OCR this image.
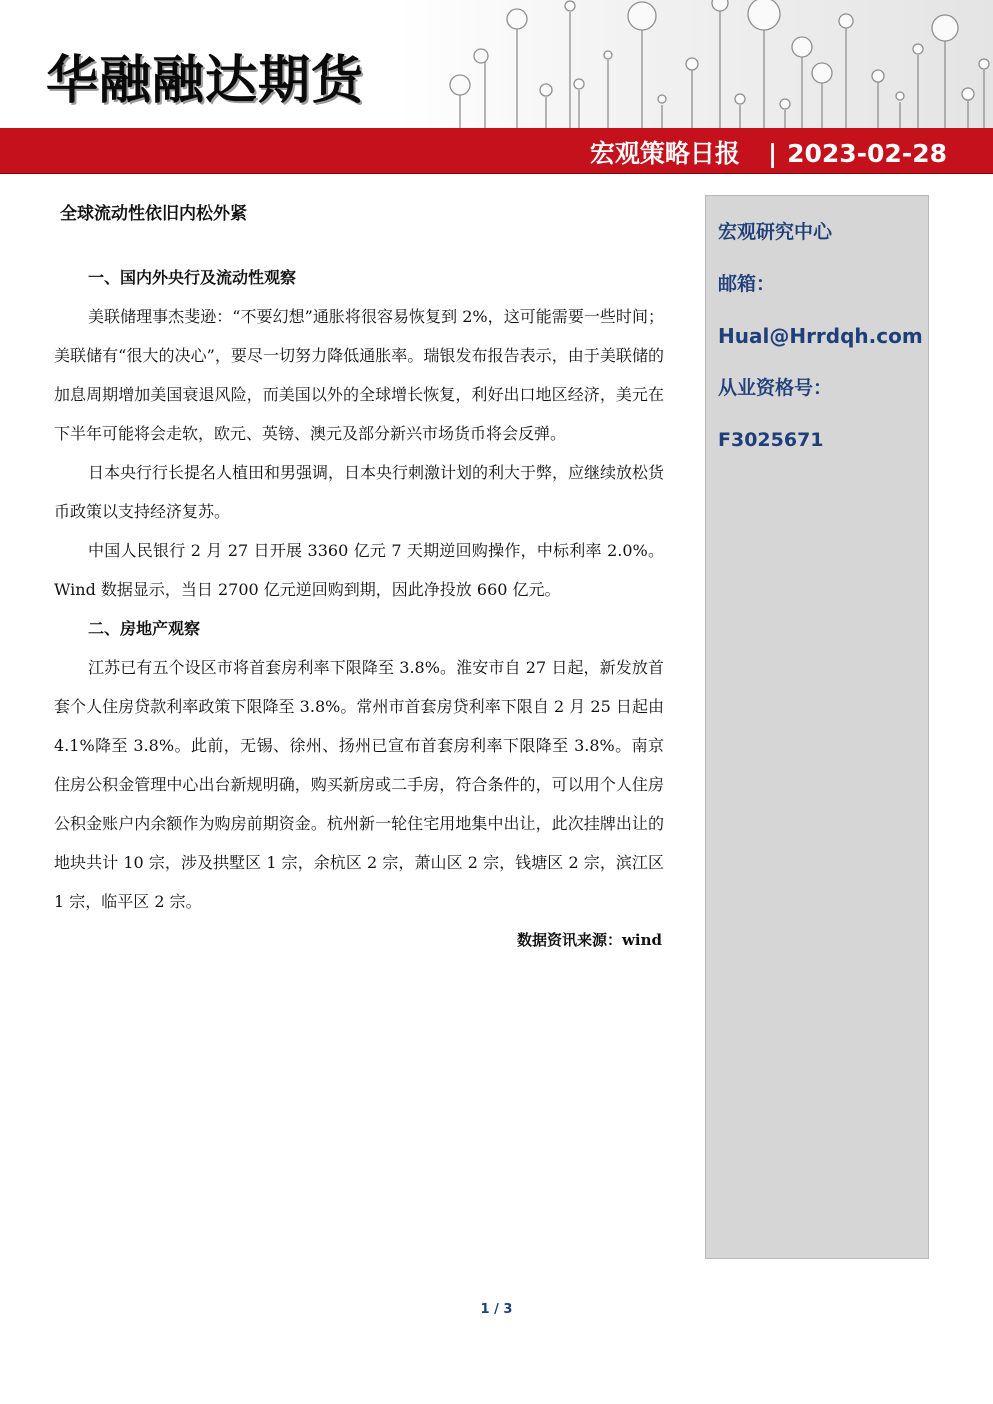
华融融达期货
宏观策略日报 | 2023-02-28
全球流动性依旧内松外紧
一、国内外央行及流动性观察

美联储理事杰斐逊：“不要幻想”通胀将很容易恢复到 2%，这可能需要一些时间；美联储有“很大的决心”，要尽一切努力降低通胀率。瑞银发布报告表示，由于美联储的加息周期增加美国衰退风险，而美国以外的全球增长恢复，利好出口地区经济，美元在下半年可能将会走软，欧元、英镑、澳元及部分新兴市场货币将会反弹。

日本央行行长提名人植田和男强调，日本央行刺激计划的利大于弊，应继续放松货币政策以支持经济复苏。

中国人民银行 2 月 27 日开展 3360 亿元 7 天期逆回购操作，中标利率 2.0%。Wind 数据显示，当日 2700 亿元逆回购到期，因此净投放 660 亿元。

二、房地产观察

江苏已有五个设区市将首套房利率下限降至 3.8%。淮安市自 27 日起，新发放首套个人住房贷款利率政策下限降至 3.8%。常州市首套房贷利率下限自 2 月 25 日起由 4.1%降至 3.8%。此前，无锡、徐州、扬州已宣布首套房利率下限降至 3.8%。南京住房公积金管理中心出台新规明确，购买新房或二手房，符合条件的，可以用个人住房公积金账户内余额作为购房前期资金。杭州新一轮住宅用地集中出让，此次挂牌出让的地块共计 10 宗，涉及拱墅区 1 宗，余杭区 2 宗，萧山区 2 宗，钱塘区 2 宗，滨江区 1 宗，临平区 2 宗。

数据资讯来源：wind
宏观研究中心
邮箱：
Hual@Hrrdqh.com
从业资格号：
F3025671
1 / 3
